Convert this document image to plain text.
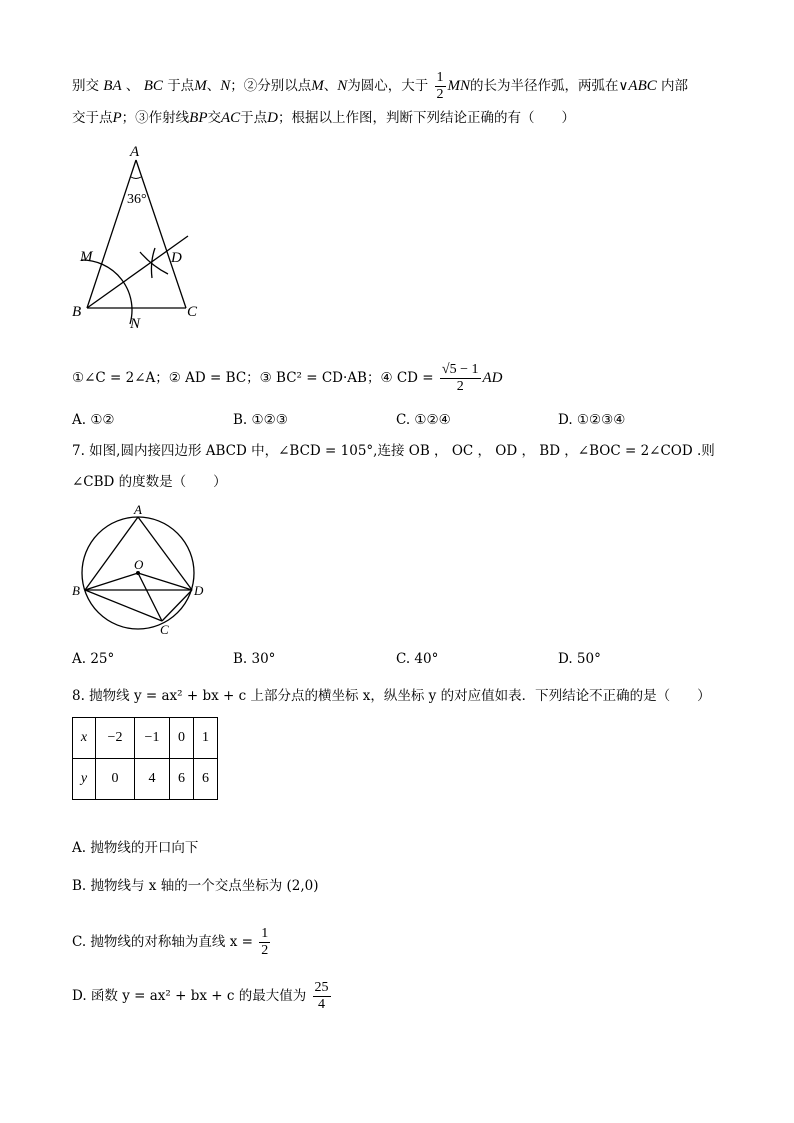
别交 BA 、 BC 于点M、N；②分别以点M、N为圆心，大于 $\frac{1}{2}$ MN的长为半径作弧，两弧在∨ABC 内部
交于点P；③作射线BP交AC于点D；根据以上作图，判断下列结论正确的有（　　）
A
36°
M	D
B	C
N
①∠C = 2∠A；② AD = BC；③ BC² = CD·AB；④ CD = $\frac{√5 - 1}{2}$ AD
A. ①②	B. ①②③	C. ①②④	D. ①②③④
7. 如图,圆内接四边形 ABCD 中，∠BCD = 105°,连接 OB ， OC ， OD ， BD ，∠BOC = 2∠COD .则
∠CBD 的度数是（　　）
A
O
B	D
C
A. 25°	B. 30°	C. 40°	D. 50°
8. 抛物线 y = ax² + bx + c 上部分点的横坐标 x，纵坐标 y 的对应值如表．下列结论不正确的是（　　）
x	−2	−1	0	1
y	0	4	6	6
A. 抛物线的开口向下
B. 抛物线与 x 轴的一个交点坐标为 (2,0)
C. 抛物线的对称轴为直线 $x = \frac{1}{2}$
D. 函数 y = ax² + bx + c 的最大值为 $\frac{25}{4}$
